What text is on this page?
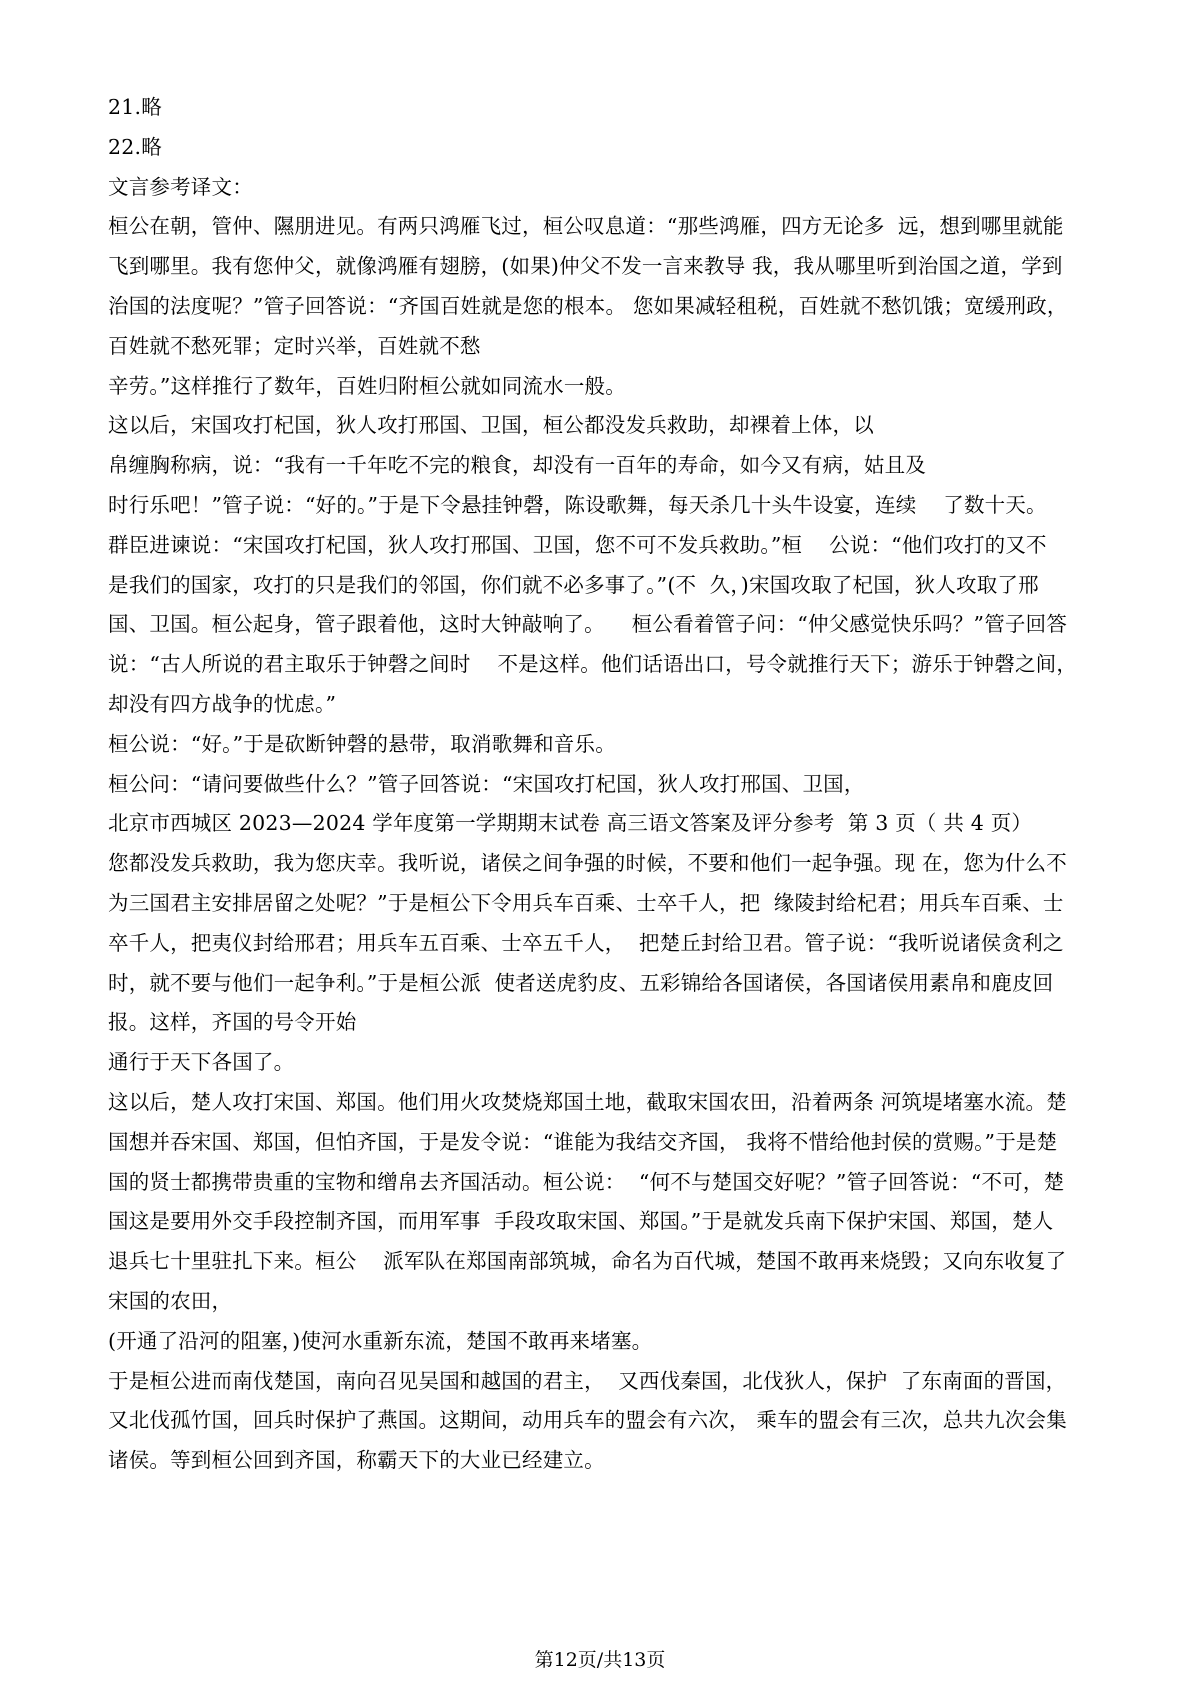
21.略
22.略
文言参考译文：
桓公在朝，管仲、隰朋进见。有两只鸿雁飞过，桓公叹息道：“那些鸿雁，四方无论多  远，想到哪里就能
飞到哪里。我有您仲父，就像鸿雁有翅膀，(如果)仲父不发一言来教导 我，我从哪里听到治国之道，学到
治国的法度呢？”管子回答说：“齐国百姓就是您的根本。 您如果减轻租税，百姓就不愁饥饿；宽缓刑政，
百姓就不愁死罪；定时兴举，百姓就不愁
辛劳。”这样推行了数年，百姓归附桓公就如同流水一般。
这以后，宋国攻打杞国，狄人攻打邢国、卫国，桓公都没发兵救助，却裸着上体，以
帛缠胸称病，说：“我有一千年吃不完的粮食，却没有一百年的寿命，如今又有病，姑且及
时行乐吧！”管子说：“好的。”于是下令悬挂钟磬，陈设歌舞，每天杀几十头牛设宴，连续    了数十天。
群臣进谏说：“宋国攻打杞国，狄人攻打邢国、卫国，您不可不发兵救助。”桓    公说：“他们攻打的又不
是我们的国家，攻打的只是我们的邻国，你们就不必多事了。”(不  久，)宋国攻取了杞国，狄人攻取了邢
国、卫国。桓公起身，管子跟着他，这时大钟敲响了。    桓公看着管子问：“仲父感觉快乐吗？”管子回答
说：“古人所说的君主取乐于钟磬之间时    不是这样。他们话语出口，号令就推行天下；游乐于钟磬之间，
却没有四方战争的忧虑。”
桓公说：“好。”于是砍断钟磬的悬带，取消歌舞和音乐。
桓公问：“请问要做些什么？”管子回答说：“宋国攻打杞国，狄人攻打邢国、卫国，
北京市西城区 2023—2024 学年度第一学期期末试卷 高三语文答案及评分参考  第 3 页（ 共 4 页）
您都没发兵救助，我为您庆幸。我听说，诸侯之间争强的时候，不要和他们一起争强。现 在，您为什么不
为三国君主安排居留之处呢？”于是桓公下令用兵车百乘、士卒千人，把  缘陵封给杞君；用兵车百乘、士
卒千人，把夷仪封给邢君；用兵车五百乘、士卒五千人，  把楚丘封给卫君。管子说：“我听说诸侯贪利之
时，就不要与他们一起争利。”于是桓公派  使者送虎豹皮、五彩锦给各国诸侯，各国诸侯用素帛和鹿皮回
报。这样，齐国的号令开始
通行于天下各国了。
这以后，楚人攻打宋国、郑国。他们用火攻焚烧郑国土地，截取宋国农田，沿着两条 河筑堤堵塞水流。楚
国想并吞宋国、郑国，但怕齐国，于是发令说：“谁能为我结交齐国， 我将不惜给他封侯的赏赐。”于是楚
国的贤士都携带贵重的宝物和缯帛去齐国活动。桓公说：  “何不与楚国交好呢？”管子回答说：“不可，楚
国这是要用外交手段控制齐国，而用军事  手段攻取宋国、郑国。”于是就发兵南下保护宋国、郑国，楚人
退兵七十里驻扎下来。桓公    派军队在郑国南部筑城，命名为百代城，楚国不敢再来烧毁；又向东收复了
宋国的农田，
(开通了沿河的阻塞，)使河水重新东流，楚国不敢再来堵塞。
于是桓公进而南伐楚国，南向召见吴国和越国的君主，  又西伐秦国，北伐狄人，保护  了东南面的晋国，
又北伐孤竹国，回兵时保护了燕国。这期间，动用兵车的盟会有六次， 乘车的盟会有三次，总共九次会集
诸侯。等到桓公回到齐国，称霸天下的大业已经建立。
第12页/共13页
